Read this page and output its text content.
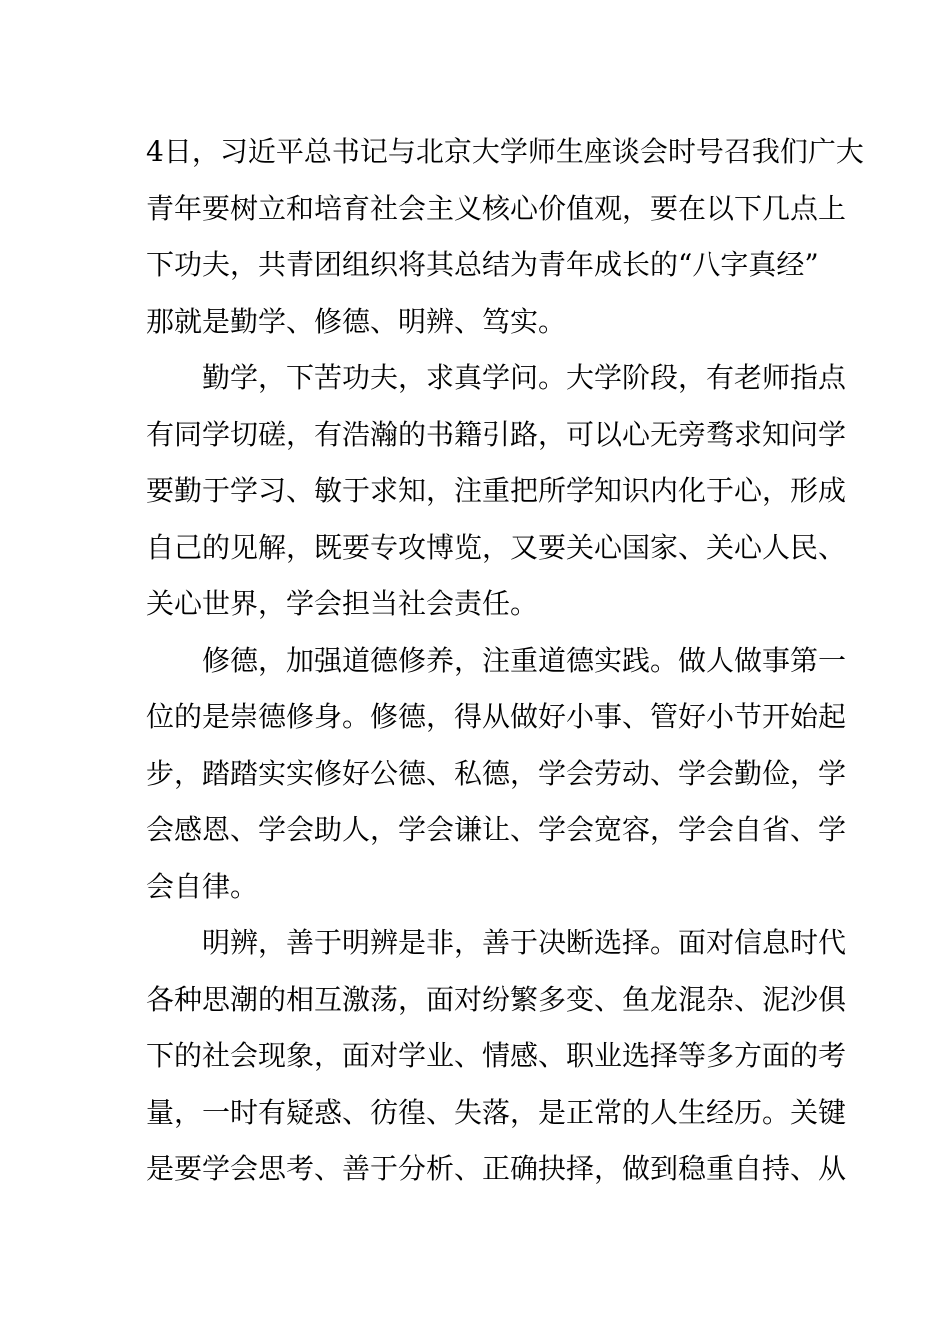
4日，习近平总书记与北京大学师生座谈会时号召我们广大
青年要树立和培育社会主义核心价值观，要在以下几点上
下功夫，共青团组织将其总结为青年成长的“八字真经”
那就是勤学、修德、明辨、笃实。
勤学，下苦功夫，求真学问。大学阶段，有老师指点
有同学切磋，有浩瀚的书籍引路，可以心无旁骛求知问学
要勤于学习、敏于求知，注重把所学知识内化于心，形成
自己的见解，既要专攻博览，又要关心国家、关心人民、
关心世界，学会担当社会责任。
修德，加强道德修养，注重道德实践。做人做事第一
位的是崇德修身。修德，得从做好小事、管好小节开始起
步，踏踏实实修好公德、私德，学会劳动、学会勤俭，学
会感恩、学会助人，学会谦让、学会宽容，学会自省、学
会自律。
明辨，善于明辨是非，善于决断选择。面对信息时代
各种思潮的相互激荡，面对纷繁多变、鱼龙混杂、泥沙俱
下的社会现象，面对学业、情感、职业选择等多方面的考
量，一时有疑惑、彷徨、失落，是正常的人生经历。关键
是要学会思考、善于分析、正确抉择，做到稳重自持、从
